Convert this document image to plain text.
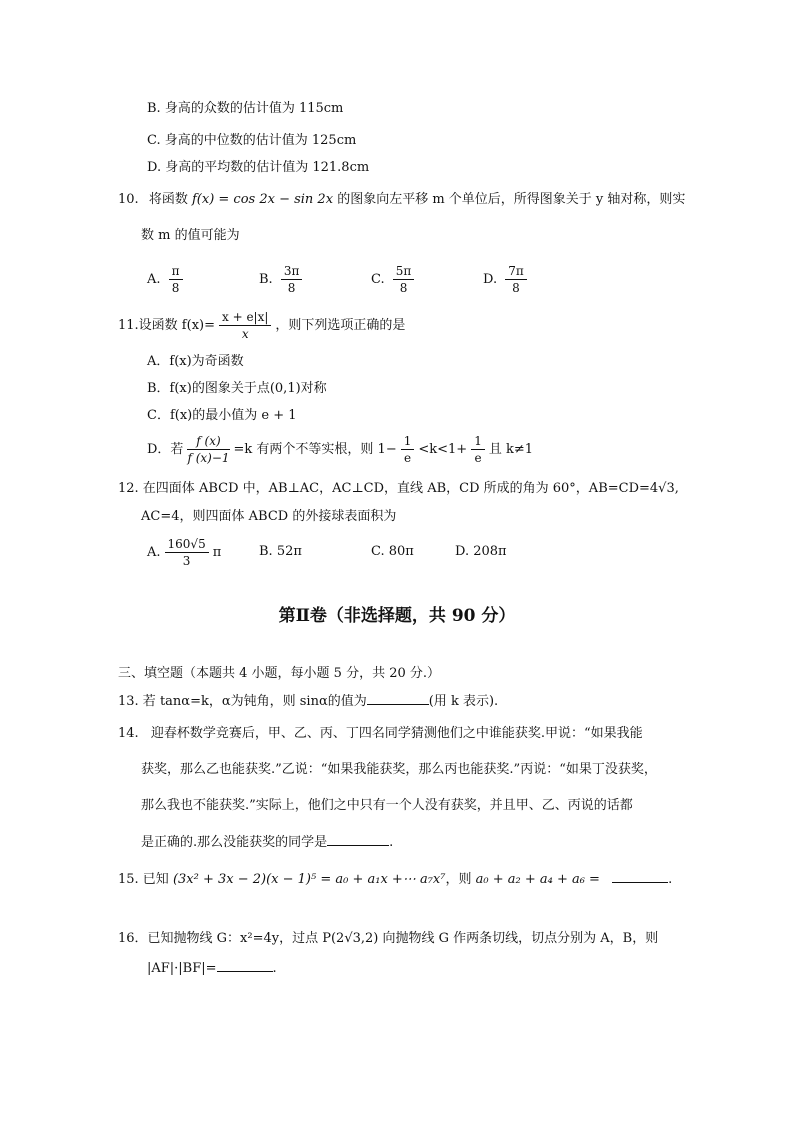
B. 身高的众数的估计值为 115cm
C. 身高的中位数的估计值为 125cm
D. 身高的平均数的估计值为 121.8cm
10. 将函数 f(x) = cos 2x − sin 2x 的图象向左平移 m 个单位后，所得图象关于 y 轴对称，则实
数 m 的值可能为
A. $\frac{\pi}{8}$	B. $\frac{3\pi}{8}$	C. $\frac{5\pi}{8}$	D. $\frac{7\pi}{8}$
11.设函数 $f(x)= \frac{x + e|x|}{x}$ ，则下列选项正确的是
A．f(x)为奇函数
B．f(x)的图象关于点(0,1)对称
C．f(x)的最小值为 e + 1
D．若 $\frac{f (x)}{f (x)-1} =k$ 有两个不等实根，则 $1- \frac{1}{e} <k<1+ \frac{1}{e}$ 且 k≠1
12. 在四面体 ABCD 中，AB⊥AC，AC⊥CD，直线 AB，CD 所成的角为 60°，AB=CD=4√3,
AC=4，则四面体 ABCD 的外接球表面积为
A. $\frac{160√5}{3}$ π	B. 52π	C. 80π	D. 208π
第Ⅱ卷（非选择题，共 90 分）
三、填空题（本题共 4 小题，每小题 5 分，共 20 分.）
13. 若 tanα=k，α为钝角，则 sinα的值为	(用 k 表示).
14. 迎春杯数学竞赛后，甲、乙、丙、丁四名同学猜测他们之中谁能获奖.甲说：“如果我能
获奖，那么乙也能获奖.”乙说：“如果我能获奖，那么丙也能获奖.”丙说：“如果丁没获奖，
那么我也不能获奖.”实际上，他们之中只有一个人没有获奖，并且甲、乙、丙说的话都
是正确的.那么没能获奖的同学是	.
15. 已知 (3x² + 3x − 2)(x − 1)⁵ = a₀ + a₁x +⋯ a₇x⁷，则 a₀ + a₂ + a₄ + a₆ =	.
16．已知抛物线 G：x²=4y，过点 P(2√3,2) 向抛物线 G 作两条切线，切点分别为 A，B，则
|AF|·|BF|=	.
